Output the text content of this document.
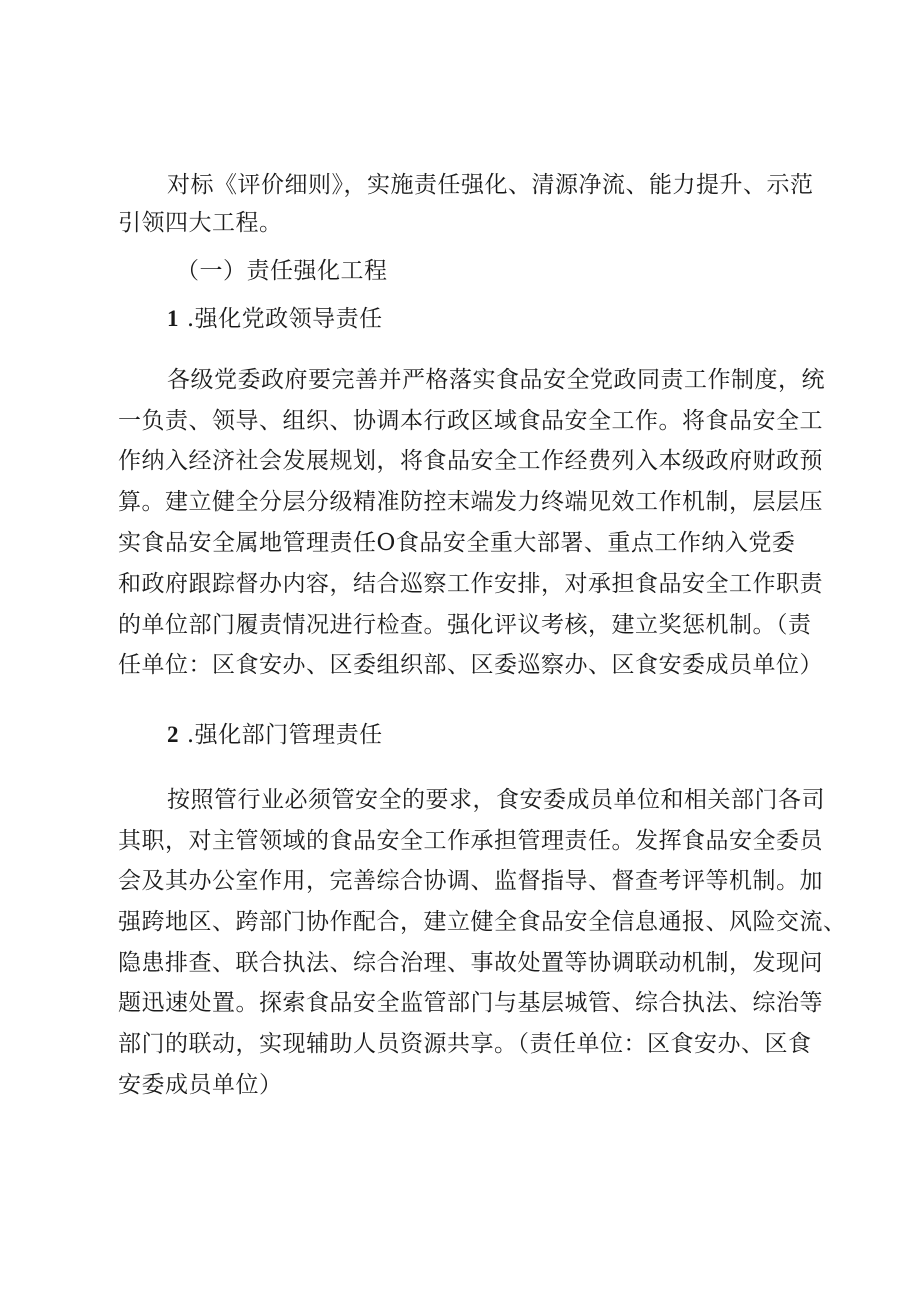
对标《评价细则》，实施责任强化、清源净流、能力提升、示范

引领四大工程。

（一）责任强化工程

1 .强化党政领导责任

各级党委政府要完善并严格落实食品安全党政同责工作制度，统

一负责、领导、组织、协调本行政区域食品安全工作。将食品安全工

作纳入经济社会发展规划，将食品安全工作经费列入本级政府财政预

算。建立健全分层分级精准防控末端发力终端见效工作机制，层层压

实食品安全属地管理责任O食品安全重大部署、重点工作纳入党委

和政府跟踪督办内容，结合巡察工作安排，对承担食品安全工作职责

的单位部门履责情况进行检查。强化评议考核，建立奖惩机制。（责

任单位：区食安办、区委组织部、区委巡察办、区食安委成员单位）

2 .强化部门管理责任

按照管行业必须管安全的要求，食安委成员单位和相关部门各司

其职，对主管领域的食品安全工作承担管理责任。发挥食品安全委员

会及其办公室作用，完善综合协调、监督指导、督查考评等机制。加

强跨地区、跨部门协作配合，建立健全食品安全信息通报、风险交流、

隐患排查、联合执法、综合治理、事故处置等协调联动机制，发现问

题迅速处置。探索食品安全监管部门与基层城管、综合执法、综治等

部门的联动，实现辅助人员资源共享。（责任单位：区食安办、区食

安委成员单位）
